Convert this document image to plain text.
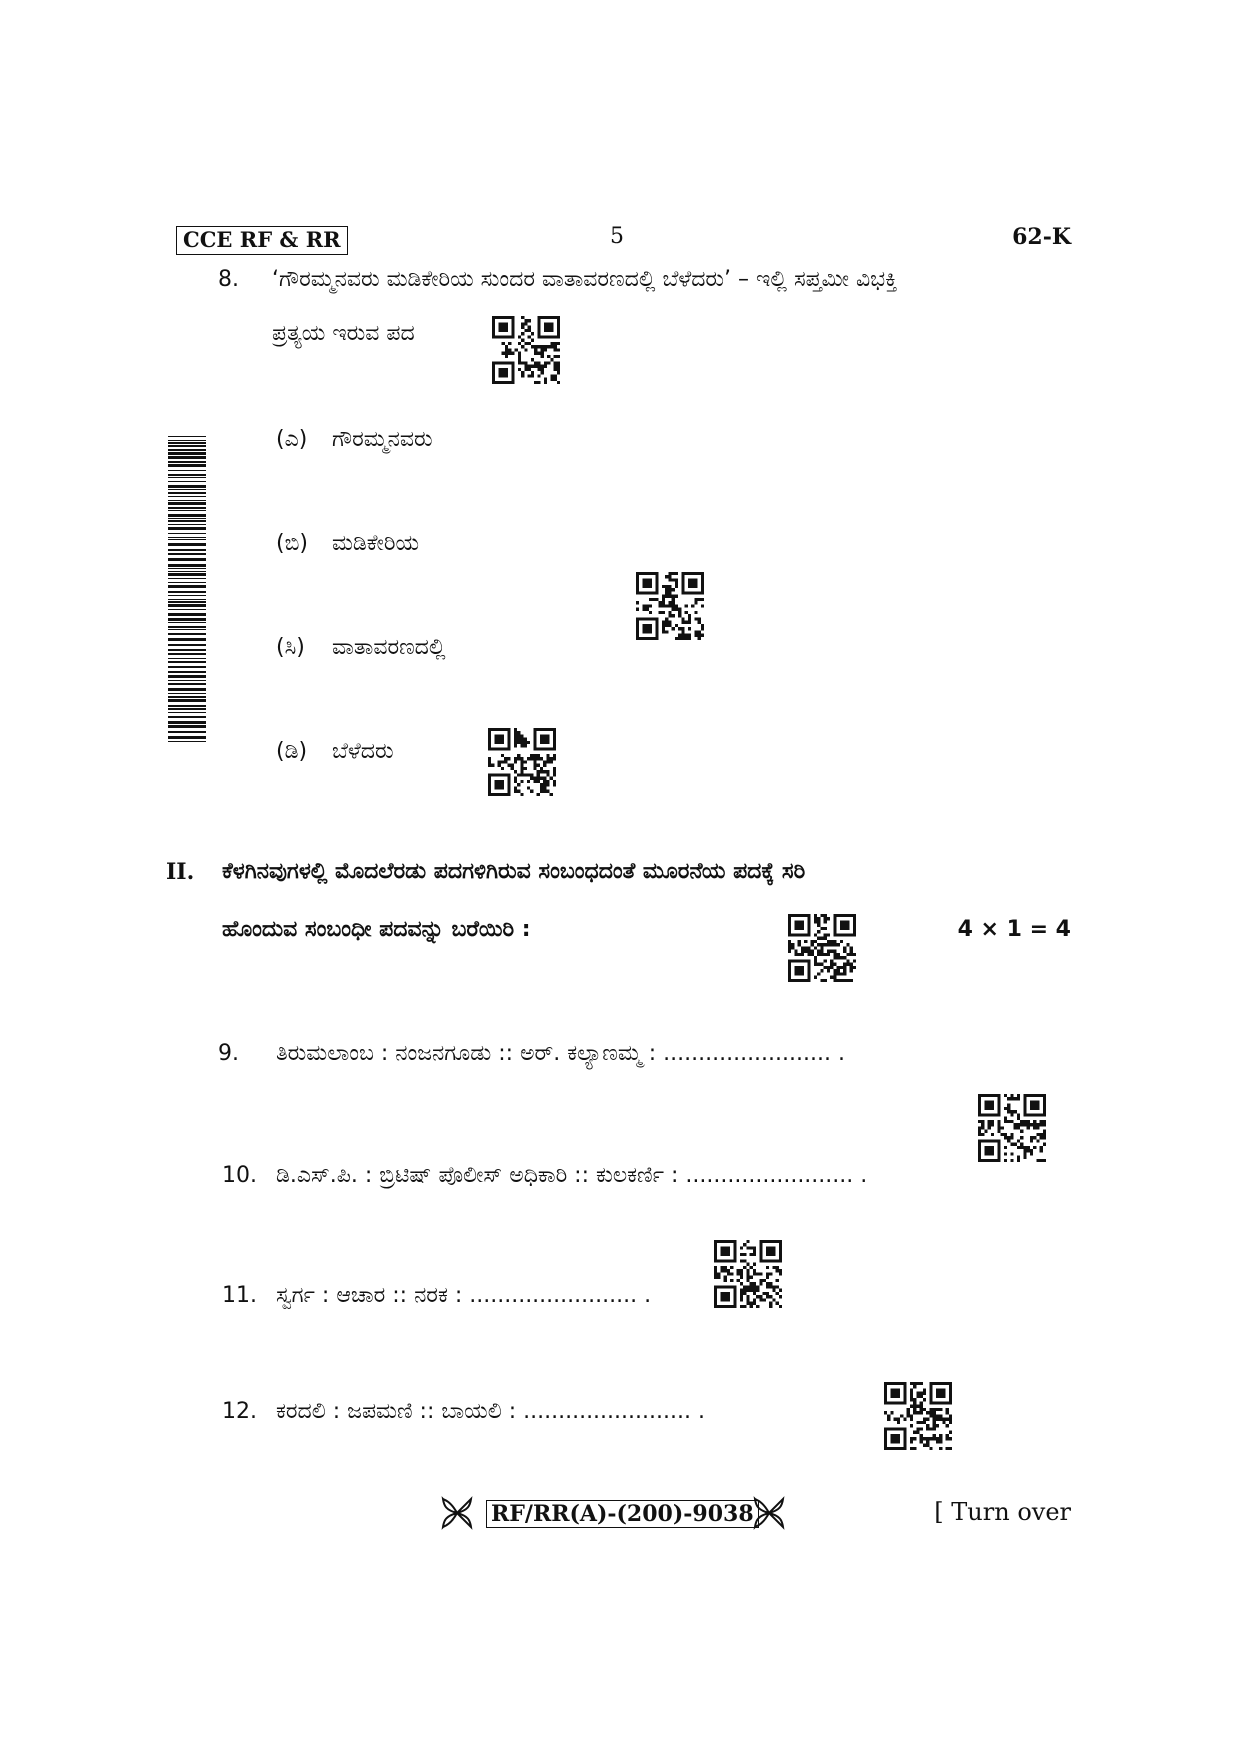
CCE RF & RR	5	62-K
8. ‘ಗೌರಮ್ಮನವರು ಮಡಿಕೇರಿಯ ಸುಂದರ ವಾತಾವರಣದಲ್ಲಿ ಬೆಳೆದರು’ – ಇಲ್ಲಿ ಸಪ್ತಮೀ ವಿಭಕ್ತಿ
ಪ್ರತ್ಯಯ ಇರುವ ಪದ
(ಎ) ಗೌರಮ್ಮನವರು
(ಬಿ) ಮಡಿಕೇರಿಯ
(ಸಿ) ವಾತಾವರಣದಲ್ಲಿ
(ಡಿ) ಬೆಳೆದರು
II. ಕೆಳಗಿನವುಗಳಲ್ಲಿ ಮೊದಲೆರಡು ಪದಗಳಿಗಿರುವ ಸಂಬಂಧದಂತೆ ಮೂರನೆಯ ಪದಕ್ಕೆ ಸರಿ
ಹೊಂದುವ ಸಂಬಂಧೀ ಪದವನ್ನು ಬರೆಯಿರಿ :	4 × 1 = 4
9. ತಿರುಮಲಾಂಬ : ನಂಜನಗೂಡು :: ಅರ್. ಕಲ್ಯಾಣಮ್ಮ : ........................ .
10. ಡಿ.ಎಸ್.ಪಿ. : ಬ್ರಿಟಿಷ್ ಪೊಲೀಸ್ ಅಧಿಕಾರಿ :: ಕುಲಕರ್ಣಿ : ........................ .
11. ಸ್ವರ್ಗ : ಆಚಾರ :: ನರಕ : ........................ .
12. ಕರದಲಿ : ಜಪಮಣಿ :: ಬಾಯಲಿ : ........................ .
RF/RR(A)-(200)-9038	[ Turn over
